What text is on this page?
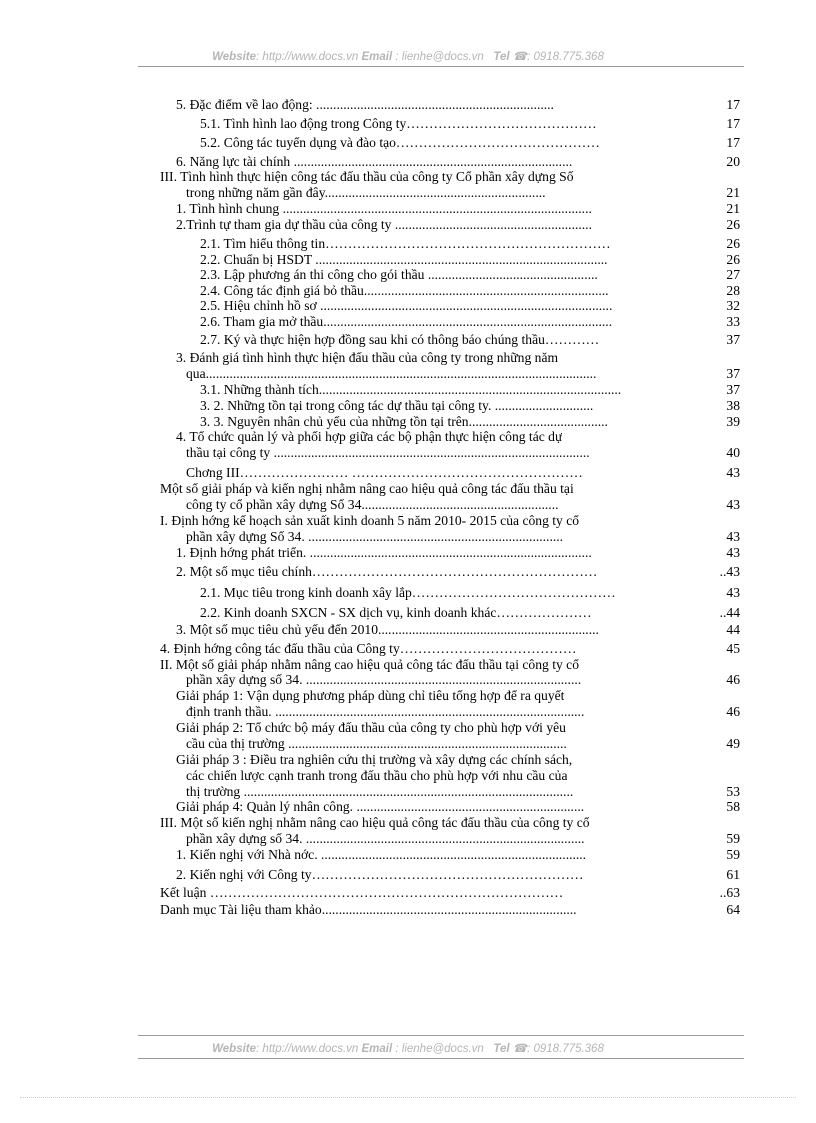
Website: http://www.docs.vn Email : lienhe@docs.vn Tel ☎: 0918.775.368
5. Đặc điểm về lao động: ......................................................................	17
5.1. Tình hình lao động trong Công ty……………………………………	17
5.2. Công tác tuyển dụng và đào tạo………………………………………	17
6. Năng lực tài chính ..................................................................................	20
III. Tình hình thực hiện công tác đấu thầu của công ty Cổ phần xây dựng Số
trong những năm gần đây.................................................................	21
1. Tình hình chung ...........................................................................................	21
2.Trình tự tham gia dự thầu của công ty ..........................................................	26
2.1. Tìm hiểu thông tin………………………………………………………	26
2.2. Chuẩn bị HSDT ......................................................................................	26
2.3. Lập phương án thi công cho gói thầu ..................................................	27
2.4. Công tác định giá bỏ thầu........................................................................	28
2.5. Hiệu chỉnh hồ sơ ......................................................................................	32
2.6. Tham gia mở thầu.....................................................................................	33
2.7. Ký và thực hiện hợp đồng sau khi có thông báo chúng thầu…………	37
3. Đánh giá tình hình thực hiện đấu thầu của công ty trong những năm
qua...................................................................................................................	37
3.1. Những thành tích.........................................................................................	37
3. 2. Những tồn tại trong công tác dự thầu tại công ty. .............................	38
3. 3. Nguyên nhân chủ yếu của những tồn tại trên.........................................	39
4. Tổ chức quản lý và phối hợp giữa các bộ phận thực hiện công tác dự
thầu tại công ty .............................................................................................	40
Chơng III…………………… ……………………………………………	43
Một số giải pháp và kiến nghị nhằm nâng cao hiệu quả công tác đấu thầu tại
công ty cổ phần xây dựng Số 34..........................................................	43
I. Định hớng kế hoạch sản xuất kinh doanh 5 năm 2010- 2015 của công ty cổ
phần xây dựng Số 34. ...........................................................................	43
1. Định hớng phát triển. ...................................................................................	43
2. Một số mục tiêu chính………………………………………………………	..43
2.1. Mục tiêu trong kinh doanh xây lắp………………………………………	43
2.2. Kinh doanh SXCN - SX dịch vụ, kinh doanh khác…………………	..44
3. Một số mục tiêu chủ yếu đến 2010.................................................................	44
4. Định hớng công tác đấu thầu của Công ty…………………………………	45
II. Một số giải pháp nhằm nâng cao hiệu quả công tác đấu thầu tại công ty cổ
phần xây dựng số 34. .................................................................................	46
Giải pháp 1: Vận dụng phương pháp dùng chỉ tiêu tổng hợp để ra quyết
định tranh thầu. ...........................................................................................	46
Giải pháp 2: Tổ chức bộ máy đấu thầu của công ty cho phù hợp với yêu
cầu của thị trường ..................................................................................	49
Giải pháp 3 : Điều tra nghiên cứu thị trường và xây dựng các chính sách,
các chiến lược cạnh tranh trong đấu thầu cho phù hợp với nhu cầu của
thị trường .................................................................................................	53
Giải pháp 4: Quản lý nhân công. ...................................................................	58
III. Một số kiến nghị nhằm nâng cao hiệu quả công tác đấu thầu của công ty cổ
phần xây dựng số 34. ..................................................................................	59
1. Kiến nghị với Nhà nớc. ..............................................................................	59
2. Kiến nghị với Công ty……………………………………………………	61
Kết luận ……………………………………………………………………	..63
Danh mục Tài liệu tham khảo...........................................................................	64
Website: http://www.docs.vn Email : lienhe@docs.vn Tel ☎: 0918.775.368
